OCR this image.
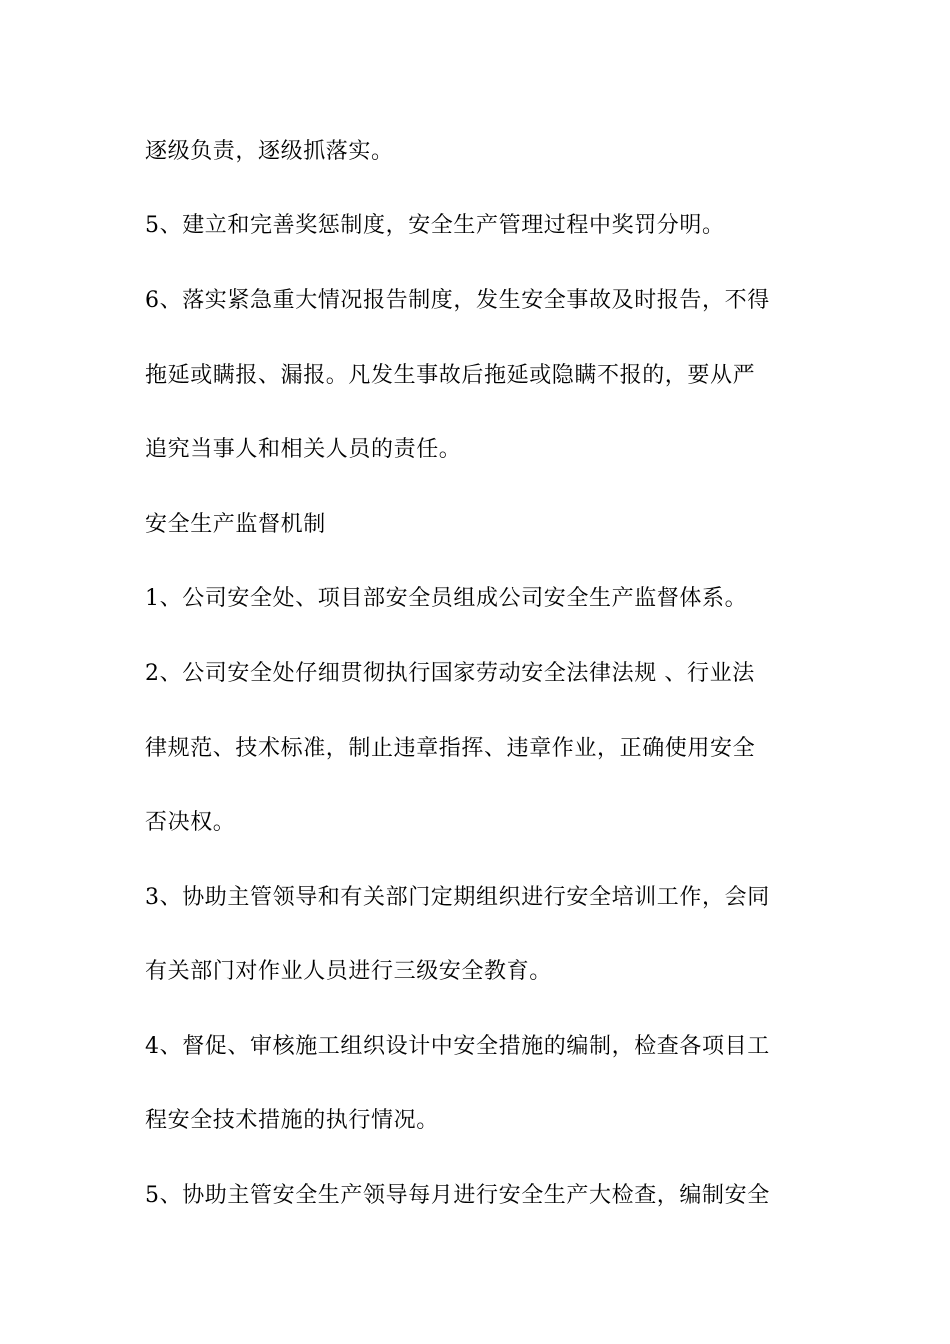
逐级负责，逐级抓落实。
5、建立和完善奖惩制度，安全生产管理过程中奖罚分明。
6、落实紧急重大情况报告制度，发生安全事故及时报告，不得
拖延或瞒报、漏报。凡发生事故后拖延或隐瞒不报的，要从严
追究当事人和相关人员的责任。
安全生产监督机制
1、公司安全处、项目部安全员组成公司安全生产监督体系。
2、公司安全处仔细贯彻执行国家劳动安全法律法规 、行业法
律规范、技术标准，制止违章指挥、违章作业，正确使用安全
否决权。
3、协助主管领导和有关部门定期组织进行安全培训工作，会同
有关部门对作业人员进行三级安全教育。
4、督促、审核施工组织设计中安全措施的编制，检查各项目工
程安全技术措施的执行情况。
5、协助主管安全生产领导每月进行安全生产大检查，编制安全
